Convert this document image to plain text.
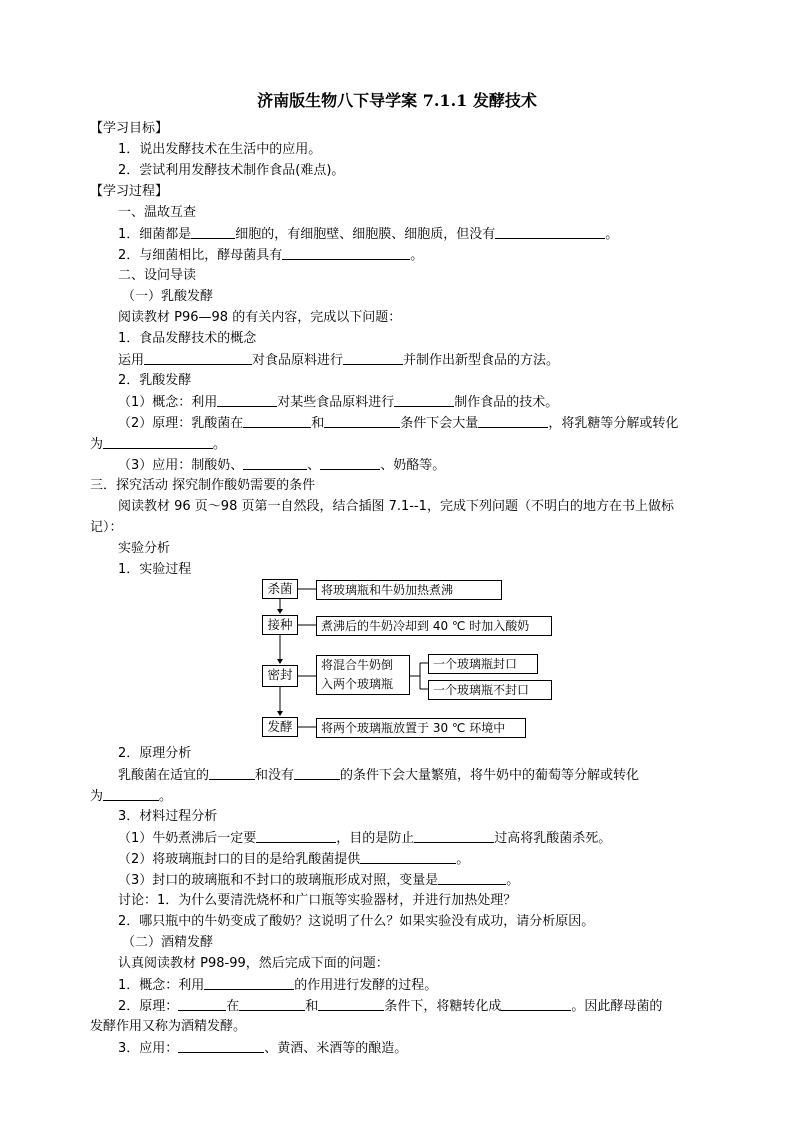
济南版生物八下导学案 7.1.1 发酵技术
【学习目标】
1．说出发酵技术在生活中的应用。
2．尝试利用发酵技术制作食品(难点)。
【学习过程】
一、温故互查
1．细菌都是	细胞的，有细胞壁、细胞膜、细胞质，但没有	。
2．与细菌相比，酵母菌具有	。
二、设问导读
（一）乳酸发酵
阅读教材 P96—98 的有关内容，完成以下问题：
1．食品发酵技术的概念
运用	对食品原料进行	并制作出新型食品的方法。
2．乳酸发酵
（1）概念：利用	对某些食品原料进行	制作食品的技术。
（2）原理：乳酸菌在	和	条件下会大量	，将乳糖等分解或转化
为	。
（3）应用：制酸奶、	、	、奶酪等。
三．探究活动 探究制作酸奶需要的条件
阅读教材 96 页～98 页第一自然段，结合插图 7.1--1，完成下列问题（不明白的地方在书上做标
记）：
实验分析
1．实验过程
杀菌	将玻璃瓶和牛奶加热煮沸
接种	煮沸后的牛奶冷却到 40 ℃ 时加入酸奶
密封
将混合牛奶倒
入两个玻璃瓶
一个玻璃瓶封口
一个玻璃瓶不封口
发酵	将两个玻璃瓶放置于 30 ℃ 环境中
2．原理分析
乳酸菌在适宜的	和没有	的条件下会大量繁殖，将牛奶中的葡萄等分解或转化
为	。
3．材料过程分析
（1）牛奶煮沸后一定要	，目的是防止	过高将乳酸菌杀死。
（2）将玻璃瓶封口的目的是给乳酸菌提供	。
（3）封口的玻璃瓶和不封口的玻璃瓶形成对照，变量是	。
讨论：1．为什么要清洗烧杯和广口瓶等实验器材，并进行加热处理？
2．哪只瓶中的牛奶变成了酸奶？这说明了什么？如果实验没有成功，请分析原因。
（二）酒精发酵
认真阅读教材 P98-99，然后完成下面的问题：
1．概念：利用	的作用进行发酵的过程。
2．原理：	在	和	条件下，将糖转化成	。因此酵母菌的
发酵作用又称为酒精发酵。
3．应用：	、黄酒、米酒等的酿造。
